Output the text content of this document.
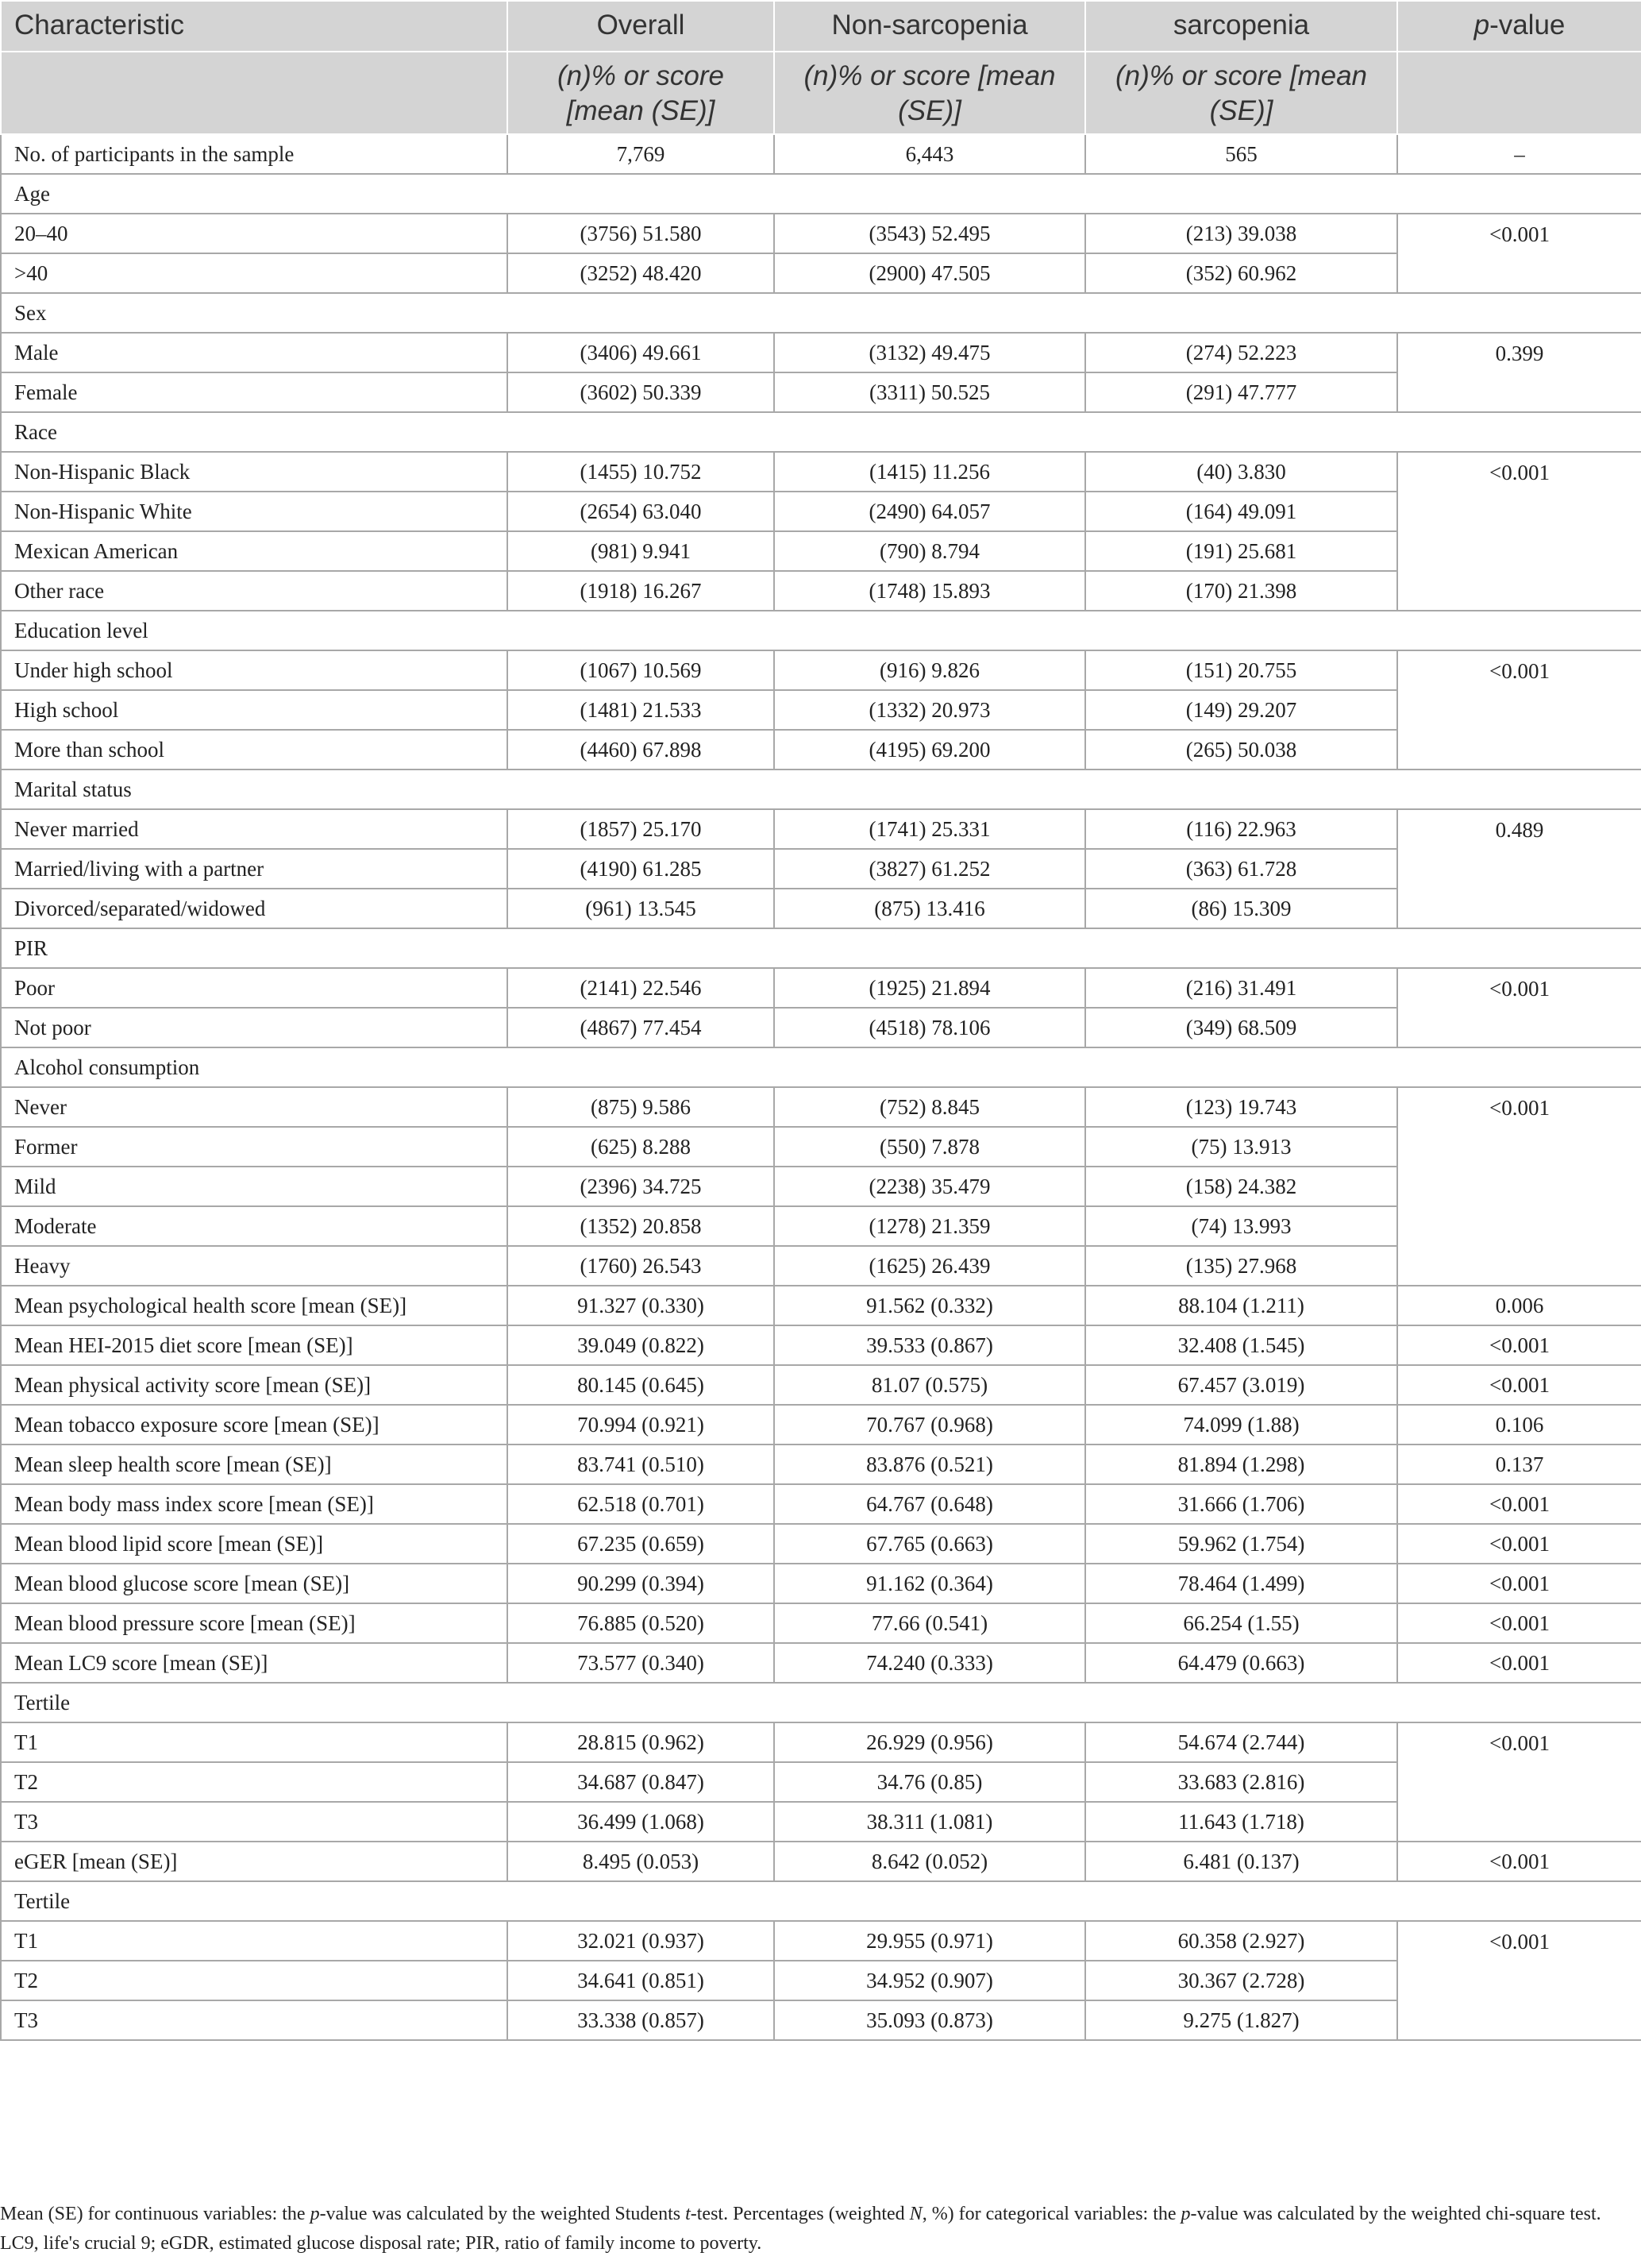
Characteristic	Overall	Non-sarcopenia	sarcopenia	p-value
	(n)% or score [mean (SE)]	(n)% or score [mean (SE)]	(n)% or score [mean (SE)]	
No. of participants in the sample	7,769	6,443	565	–
Age				
20–40	(3756) 51.580	(3543) 52.495	(213) 39.038	<0.001
>40	(3252) 48.420	(2900) 47.505	(352) 60.962	
Sex				
Male	(3406) 49.661	(3132) 49.475	(274) 52.223	0.399
Female	(3602) 50.339	(3311) 50.525	(291) 47.777	
Race				
Non-Hispanic Black	(1455) 10.752	(1415) 11.256	(40) 3.830	<0.001
Non-Hispanic White	(2654) 63.040	(2490) 64.057	(164) 49.091	
Mexican American	(981) 9.941	(790) 8.794	(191) 25.681	
Other race	(1918) 16.267	(1748) 15.893	(170) 21.398	
Education level				
Under high school	(1067) 10.569	(916) 9.826	(151) 20.755	<0.001
High school	(1481) 21.533	(1332) 20.973	(149) 29.207	
More than school	(4460) 67.898	(4195) 69.200	(265) 50.038	
Marital status				
Never married	(1857) 25.170	(1741) 25.331	(116) 22.963	0.489
Married/living with a partner	(4190) 61.285	(3827) 61.252	(363) 61.728	
Divorced/separated/widowed	(961) 13.545	(875) 13.416	(86) 15.309	
PIR				
Poor	(2141) 22.546	(1925) 21.894	(216) 31.491	<0.001
Not poor	(4867) 77.454	(4518) 78.106	(349) 68.509	
Alcohol consumption				
Never	(875) 9.586	(752) 8.845	(123) 19.743	<0.001
Former	(625) 8.288	(550) 7.878	(75) 13.913	
Mild	(2396) 34.725	(2238) 35.479	(158) 24.382	
Moderate	(1352) 20.858	(1278) 21.359	(74) 13.993	
Heavy	(1760) 26.543	(1625) 26.439	(135) 27.968	
Mean psychological health score [mean (SE)]	91.327 (0.330)	91.562 (0.332)	88.104 (1.211)	0.006
Mean HEI-2015 diet score [mean (SE)]	39.049 (0.822)	39.533 (0.867)	32.408 (1.545)	<0.001
Mean physical activity score [mean (SE)]	80.145 (0.645)	81.07 (0.575)	67.457 (3.019)	<0.001
Mean tobacco exposure score [mean (SE)]	70.994 (0.921)	70.767 (0.968)	74.099 (1.88)	0.106
Mean sleep health score [mean (SE)]	83.741 (0.510)	83.876 (0.521)	81.894 (1.298)	0.137
Mean body mass index score [mean (SE)]	62.518 (0.701)	64.767 (0.648)	31.666 (1.706)	<0.001
Mean blood lipid score [mean (SE)]	67.235 (0.659)	67.765 (0.663)	59.962 (1.754)	<0.001
Mean blood glucose score [mean (SE)]	90.299 (0.394)	91.162 (0.364)	78.464 (1.499)	<0.001
Mean blood pressure score [mean (SE)]	76.885 (0.520)	77.66 (0.541)	66.254 (1.55)	<0.001
Mean LC9 score [mean (SE)]	73.577 (0.340)	74.240 (0.333)	64.479 (0.663)	<0.001
Tertile				
T1	28.815 (0.962)	26.929 (0.956)	54.674 (2.744)	<0.001
T2	34.687 (0.847)	34.76 (0.85)	33.683 (2.816)	
T3	36.499 (1.068)	38.311 (1.081)	11.643 (1.718)	
eGER [mean (SE)]	8.495 (0.053)	8.642 (0.052)	6.481 (0.137)	<0.001
Tertile				
T1	32.021 (0.937)	29.955 (0.971)	60.358 (2.927)	<0.001
T2	34.641 (0.851)	34.952 (0.907)	30.367 (2.728)	
T3	33.338 (0.857)	35.093 (0.873)	9.275 (1.827)	
Mean (SE) for continuous variables: the p-value was calculated by the weighted Students t-test. Percentages (weighted N, %) for categorical variables: the p-value was calculated by the weighted chi-square test. LC9, life's crucial 9; eGDR, estimated glucose disposal rate; PIR, ratio of family income to poverty.
